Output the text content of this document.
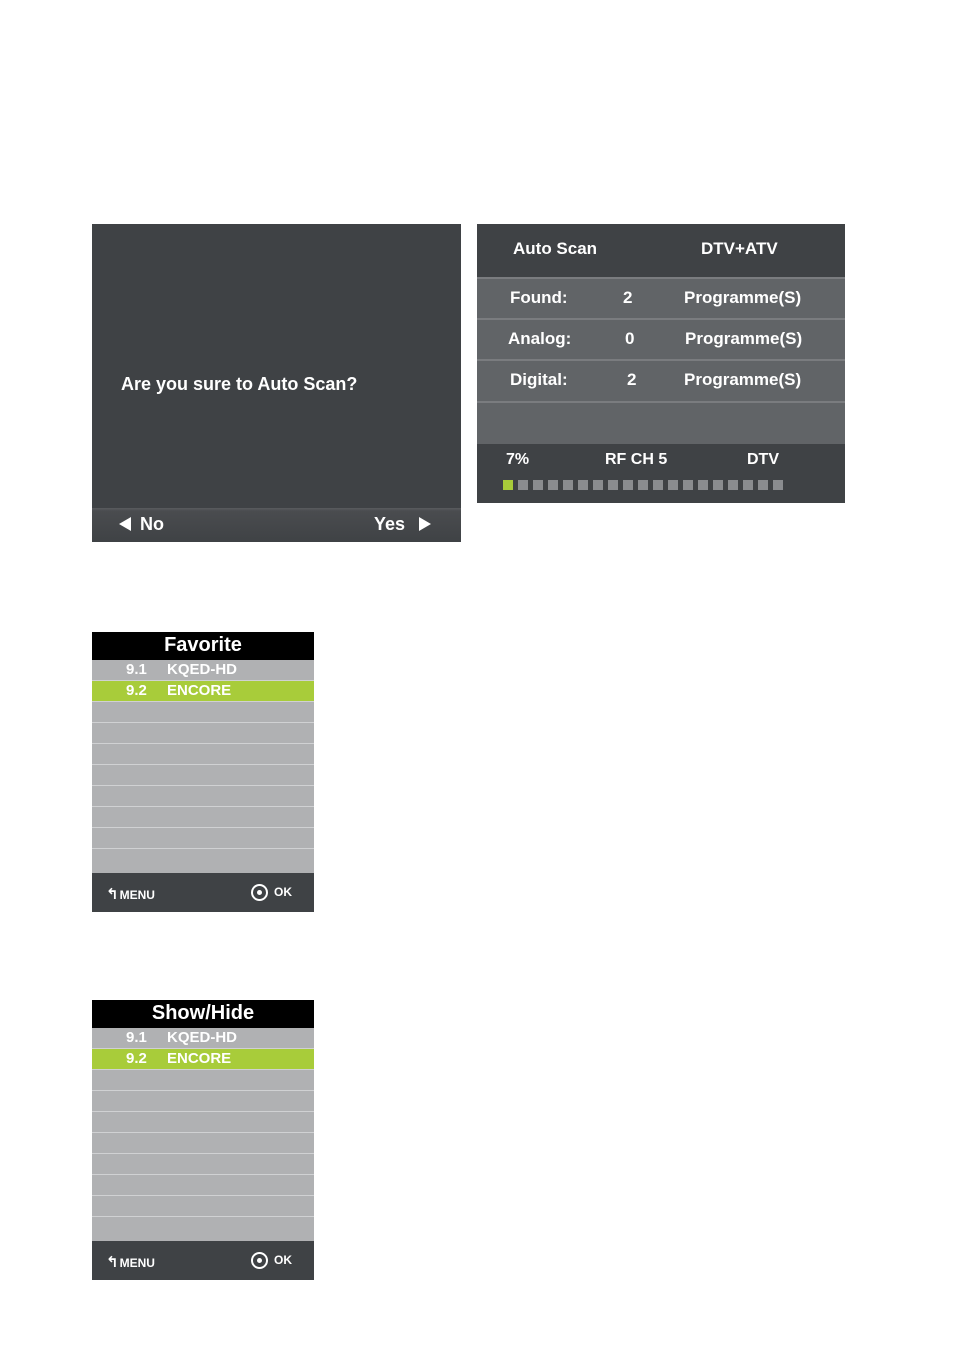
Are you sure to Auto Scan?
No	Yes
Auto Scan	DTV+ATV
Found:	2	Programme(S)
Analog:	0	Programme(S)
Digital:	2	Programme(S)
7%	RF CH 5	DTV
Favorite
9.1 KQED-HD
9.2 ENCORE
↰MENU	OK
Show/Hide
9.1 KQED-HD
9.2 ENCORE
↰MENU	OK
